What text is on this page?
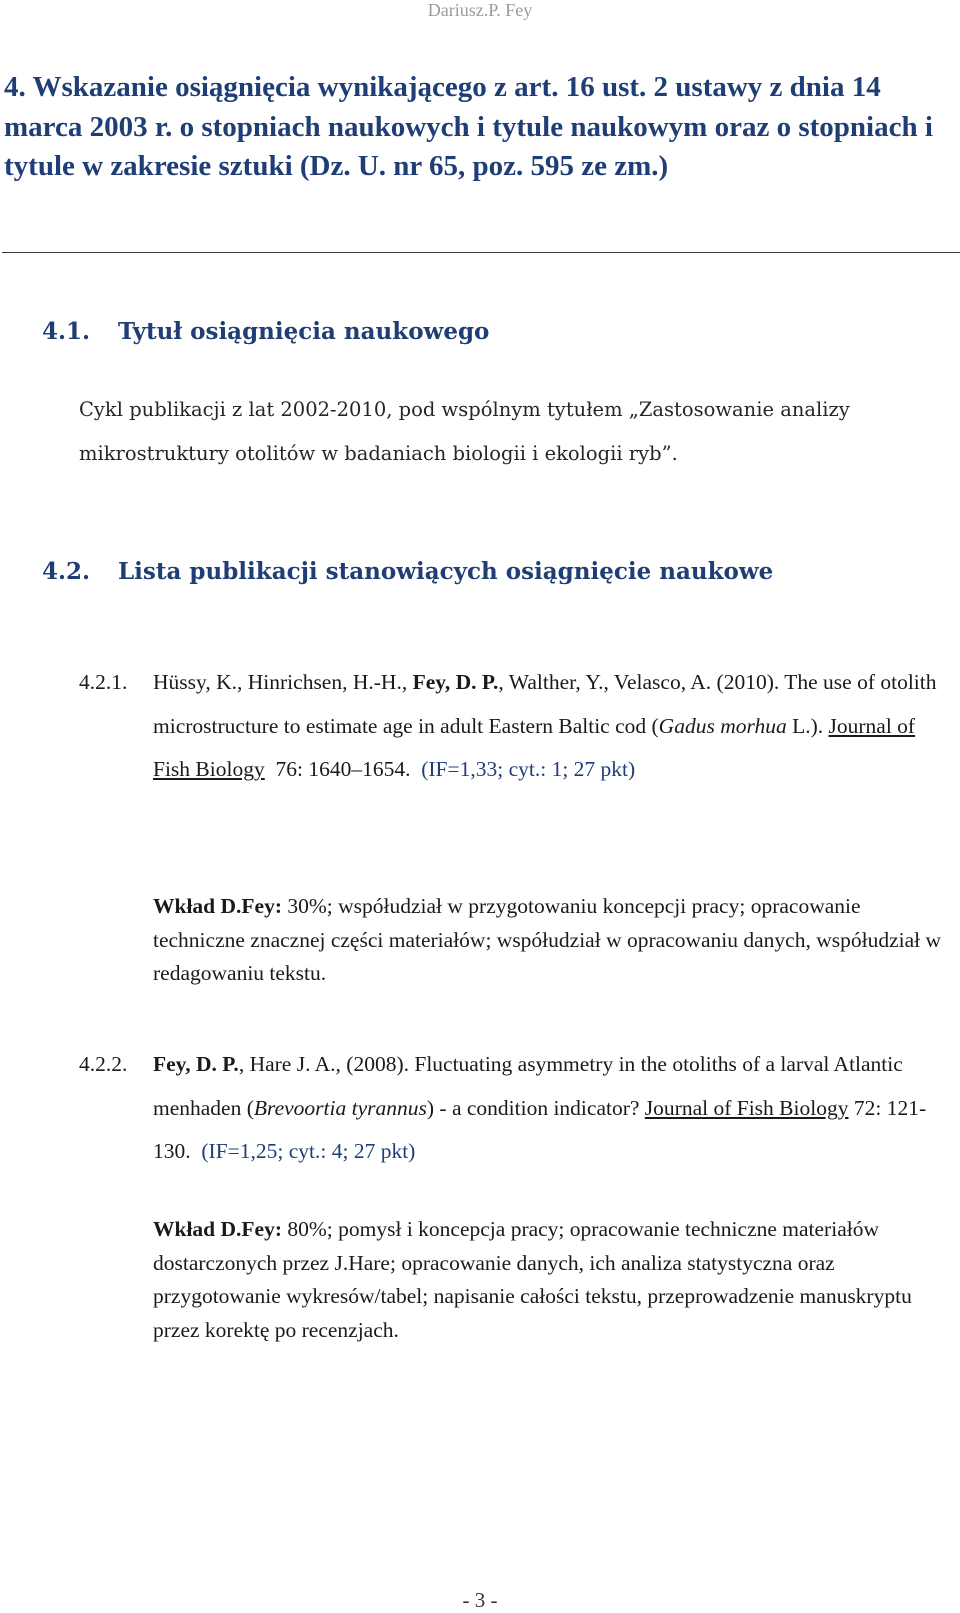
Dariusz.P. Fey
4. Wskazanie osiągnięcia wynikającego z art. 16 ust. 2 ustawy z dnia 14 marca 2003 r. o stopniach naukowych i tytule naukowym oraz o stopniach i tytule w zakresie sztuki (Dz. U. nr 65, poz. 595 ze zm.)
4.1. Tytuł osiągnięcia naukowego

Cykl publikacji z lat 2002-2010, pod wspólnym tytułem „Zastosowanie analizy mikrostruktury otolitów w badaniach biologii i ekologii ryb”.

4.2. Lista publikacji stanowiących osiągnięcie naukowe
4.2.1. Hüssy, K., Hinrichsen, H.-H., Fey, D. P., Walther, Y., Velasco, A. (2010). The use of otolith microstructure to estimate age in adult Eastern Baltic cod (Gadus morhua L.). Journal of Fish Biology  76: 1640–1654.  (IF=1,33; cyt.: 1; 27 pkt)

Wkład D.Fey: 30%; współudział w przygotowaniu koncepcji pracy; opracowanie techniczne znacznej części materiałów; współudział w opracowaniu danych, współudział w redagowaniu tekstu.

4.2.2. Fey, D. P., Hare J. A., (2008). Fluctuating asymmetry in the otoliths of a larval Atlantic menhaden (Brevoortia tyrannus) - a condition indicator? Journal of Fish Biology 72: 121-130.  (IF=1,25; cyt.: 4; 27 pkt)

Wkład D.Fey: 80%; pomysł i koncepcja pracy; opracowanie techniczne materiałów dostarczonych przez J.Hare; opracowanie danych, ich analiza statystyczna oraz przygotowanie wykresów/tabel; napisanie całości tekstu, przeprowadzenie manuskryptu przez korektę po recenzjach.

- 3 -
